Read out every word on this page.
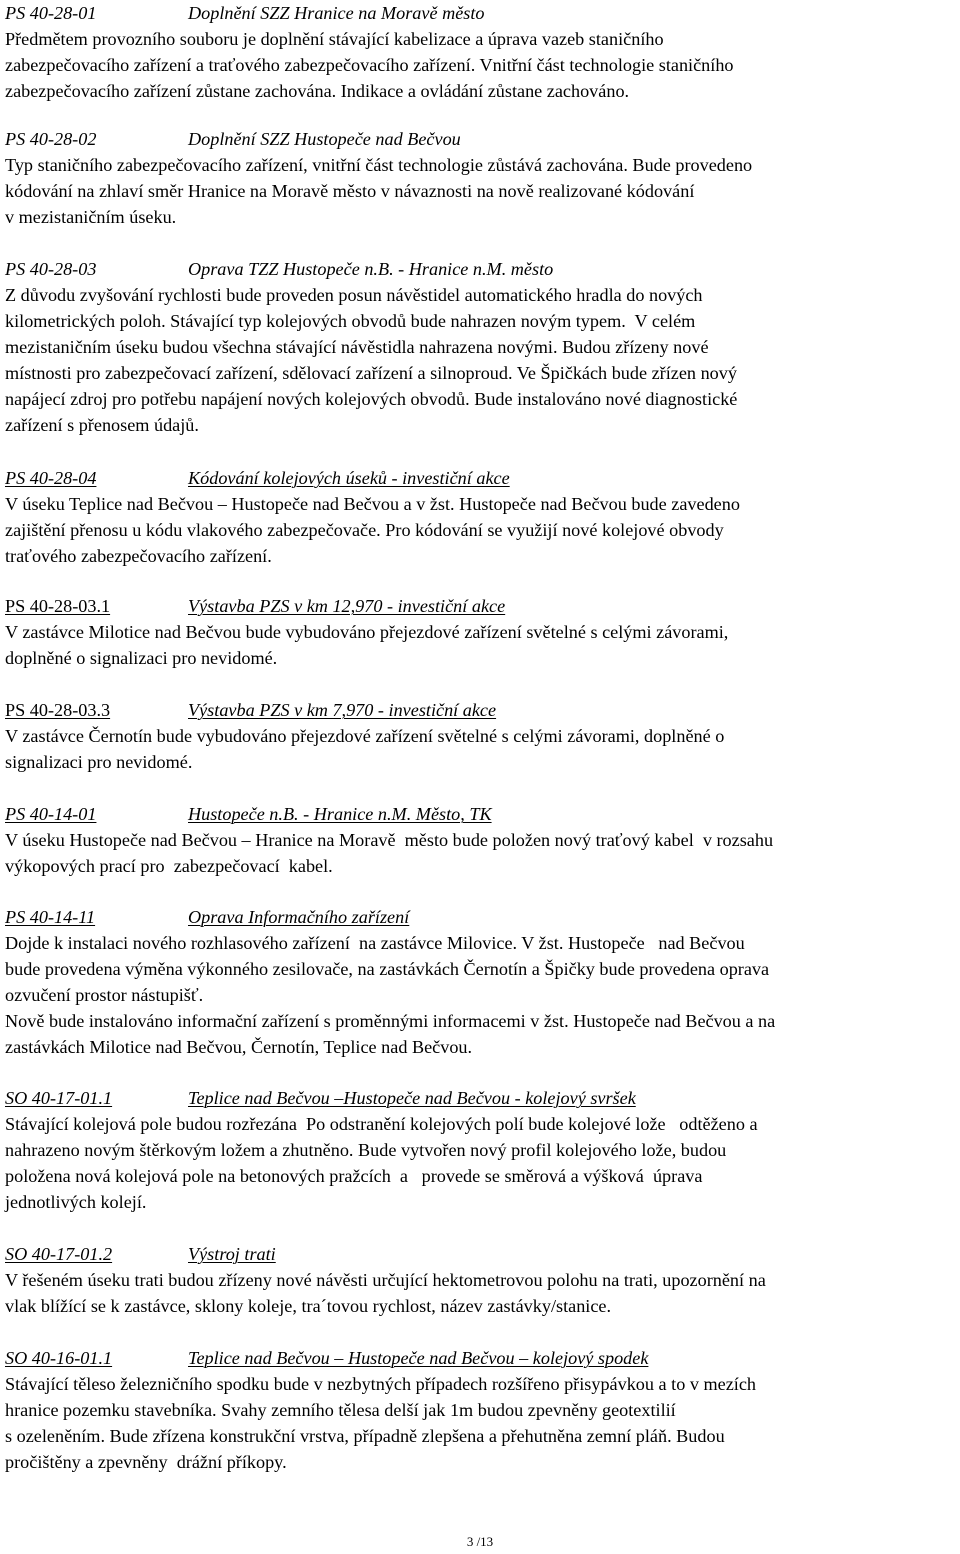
PS 40-28-01	Doplnění SZZ Hranice na Moravě město
Předmětem provozního souboru je doplnění stávající kabelizace a úprava vazeb staničního
zabezpečovacího zařízení a traťového zabezpečovacího zařízení. Vnitřní část technologie staničního
zabezpečovacího zařízení zůstane zachována. Indikace a ovládání zůstane zachováno.
PS 40-28-02	Doplnění SZZ Hustopeče nad Bečvou
Typ staničního zabezpečovacího zařízení, vnitřní část technologie zůstává zachována. Bude provedeno
kódování na zhlaví směr Hranice na Moravě město v návaznosti na nově realizované kódování
v mezistaničním úseku.
PS 40-28-03	Oprava TZZ Hustopeče n.B. - Hranice n.M. město
Z důvodu zvyšování rychlosti bude proveden posun návěstidel automatického hradla do nových
kilometrických poloh. Stávající typ kolejových obvodů bude nahrazen novým typem.  V celém
mezistaničním úseku budou všechna stávající návěstidla nahrazena novými. Budou zřízeny nové
místnosti pro zabezpečovací zařízení, sdělovací zařízení a silnoproud. Ve Špičkách bude zřízen nový
napájecí zdroj pro potřebu napájení nových kolejových obvodů. Bude instalováno nové diagnostické
zařízení s přenosem údajů.
PS 40-28-04	Kódování kolejových úseků - investiční akce
V úseku Teplice nad Bečvou – Hustopeče nad Bečvou a v žst. Hustopeče nad Bečvou bude zavedeno
zajištění přenosu u kódu vlakového zabezpečovače. Pro kódování se využijí nové kolejové obvody
traťového zabezpečovacího zařízení.
PS 40-28-03.1	Výstavba PZS v km 12,970 - investiční akce
V zastávce Milotice nad Bečvou bude vybudováno přejezdové zařízení světelné s celými závorami,
doplněné o signalizaci pro nevidomé.
PS 40-28-03.3	Výstavba PZS v km 7,970 - investiční akce
V zastávce Černotín bude vybudováno přejezdové zařízení světelné s celými závorami, doplněné o
signalizaci pro nevidomé.
PS 40-14-01	Hustopeče n.B. - Hranice n.M. Město, TK
V úseku Hustopeče nad Bečvou – Hranice na Moravě  město bude položen nový traťový kabel  v rozsahu
výkopových prací pro  zabezpečovací  kabel.
PS 40-14-11	Oprava Informačního zařízení
Dojde k instalaci nového rozhlasového zařízení  na zastávce Milovice. V žst. Hustopeče   nad Bečvou
bude provedena výměna výkonného zesilovače, na zastávkách Černotín a Špičky bude provedena oprava
ozvučení prostor nástupišť.
Nově bude instalováno informační zařízení s proměnnými informacemi v žst. Hustopeče nad Bečvou a na
zastávkách Milotice nad Bečvou, Černotín, Teplice nad Bečvou.
SO 40-17-01.1	Teplice nad Bečvou –Hustopeče nad Bečvou - kolejový svršek
Stávající kolejová pole budou rozřezána  Po odstranění kolejových polí bude kolejové lože   odtěženo a
nahrazeno novým štěrkovým ložem a zhutněno. Bude vytvořen nový profil kolejového lože, budou
položena nová kolejová pole na betonových pražcích  a   provede se směrová a výšková  úprava
jednotlivých kolejí.
SO 40-17-01.2	Výstroj trati
V řešeném úseku trati budou zřízeny nové návěsti určující hektometrovou polohu na trati, upozornění na
vlak blížící se k zastávce, sklony koleje, tra´tovou rychlost, název zastávky/stanice.
SO 40-16-01.1	Teplice nad Bečvou – Hustopeče nad Bečvou – kolejový spodek
Stávající těleso železničního spodku bude v nezbytných případech rozšířeno přisypávkou a to v mezích
hranice pozemku stavebníka. Svahy zemního tělesa delší jak 1m budou zpevněny geotextilií
s ozeleněním. Bude zřízena konstrukční vrstva, případně zlepšena a přehutněna zemní pláň. Budou
pročištěny a zpevněny  drážní příkopy.
3 /13
